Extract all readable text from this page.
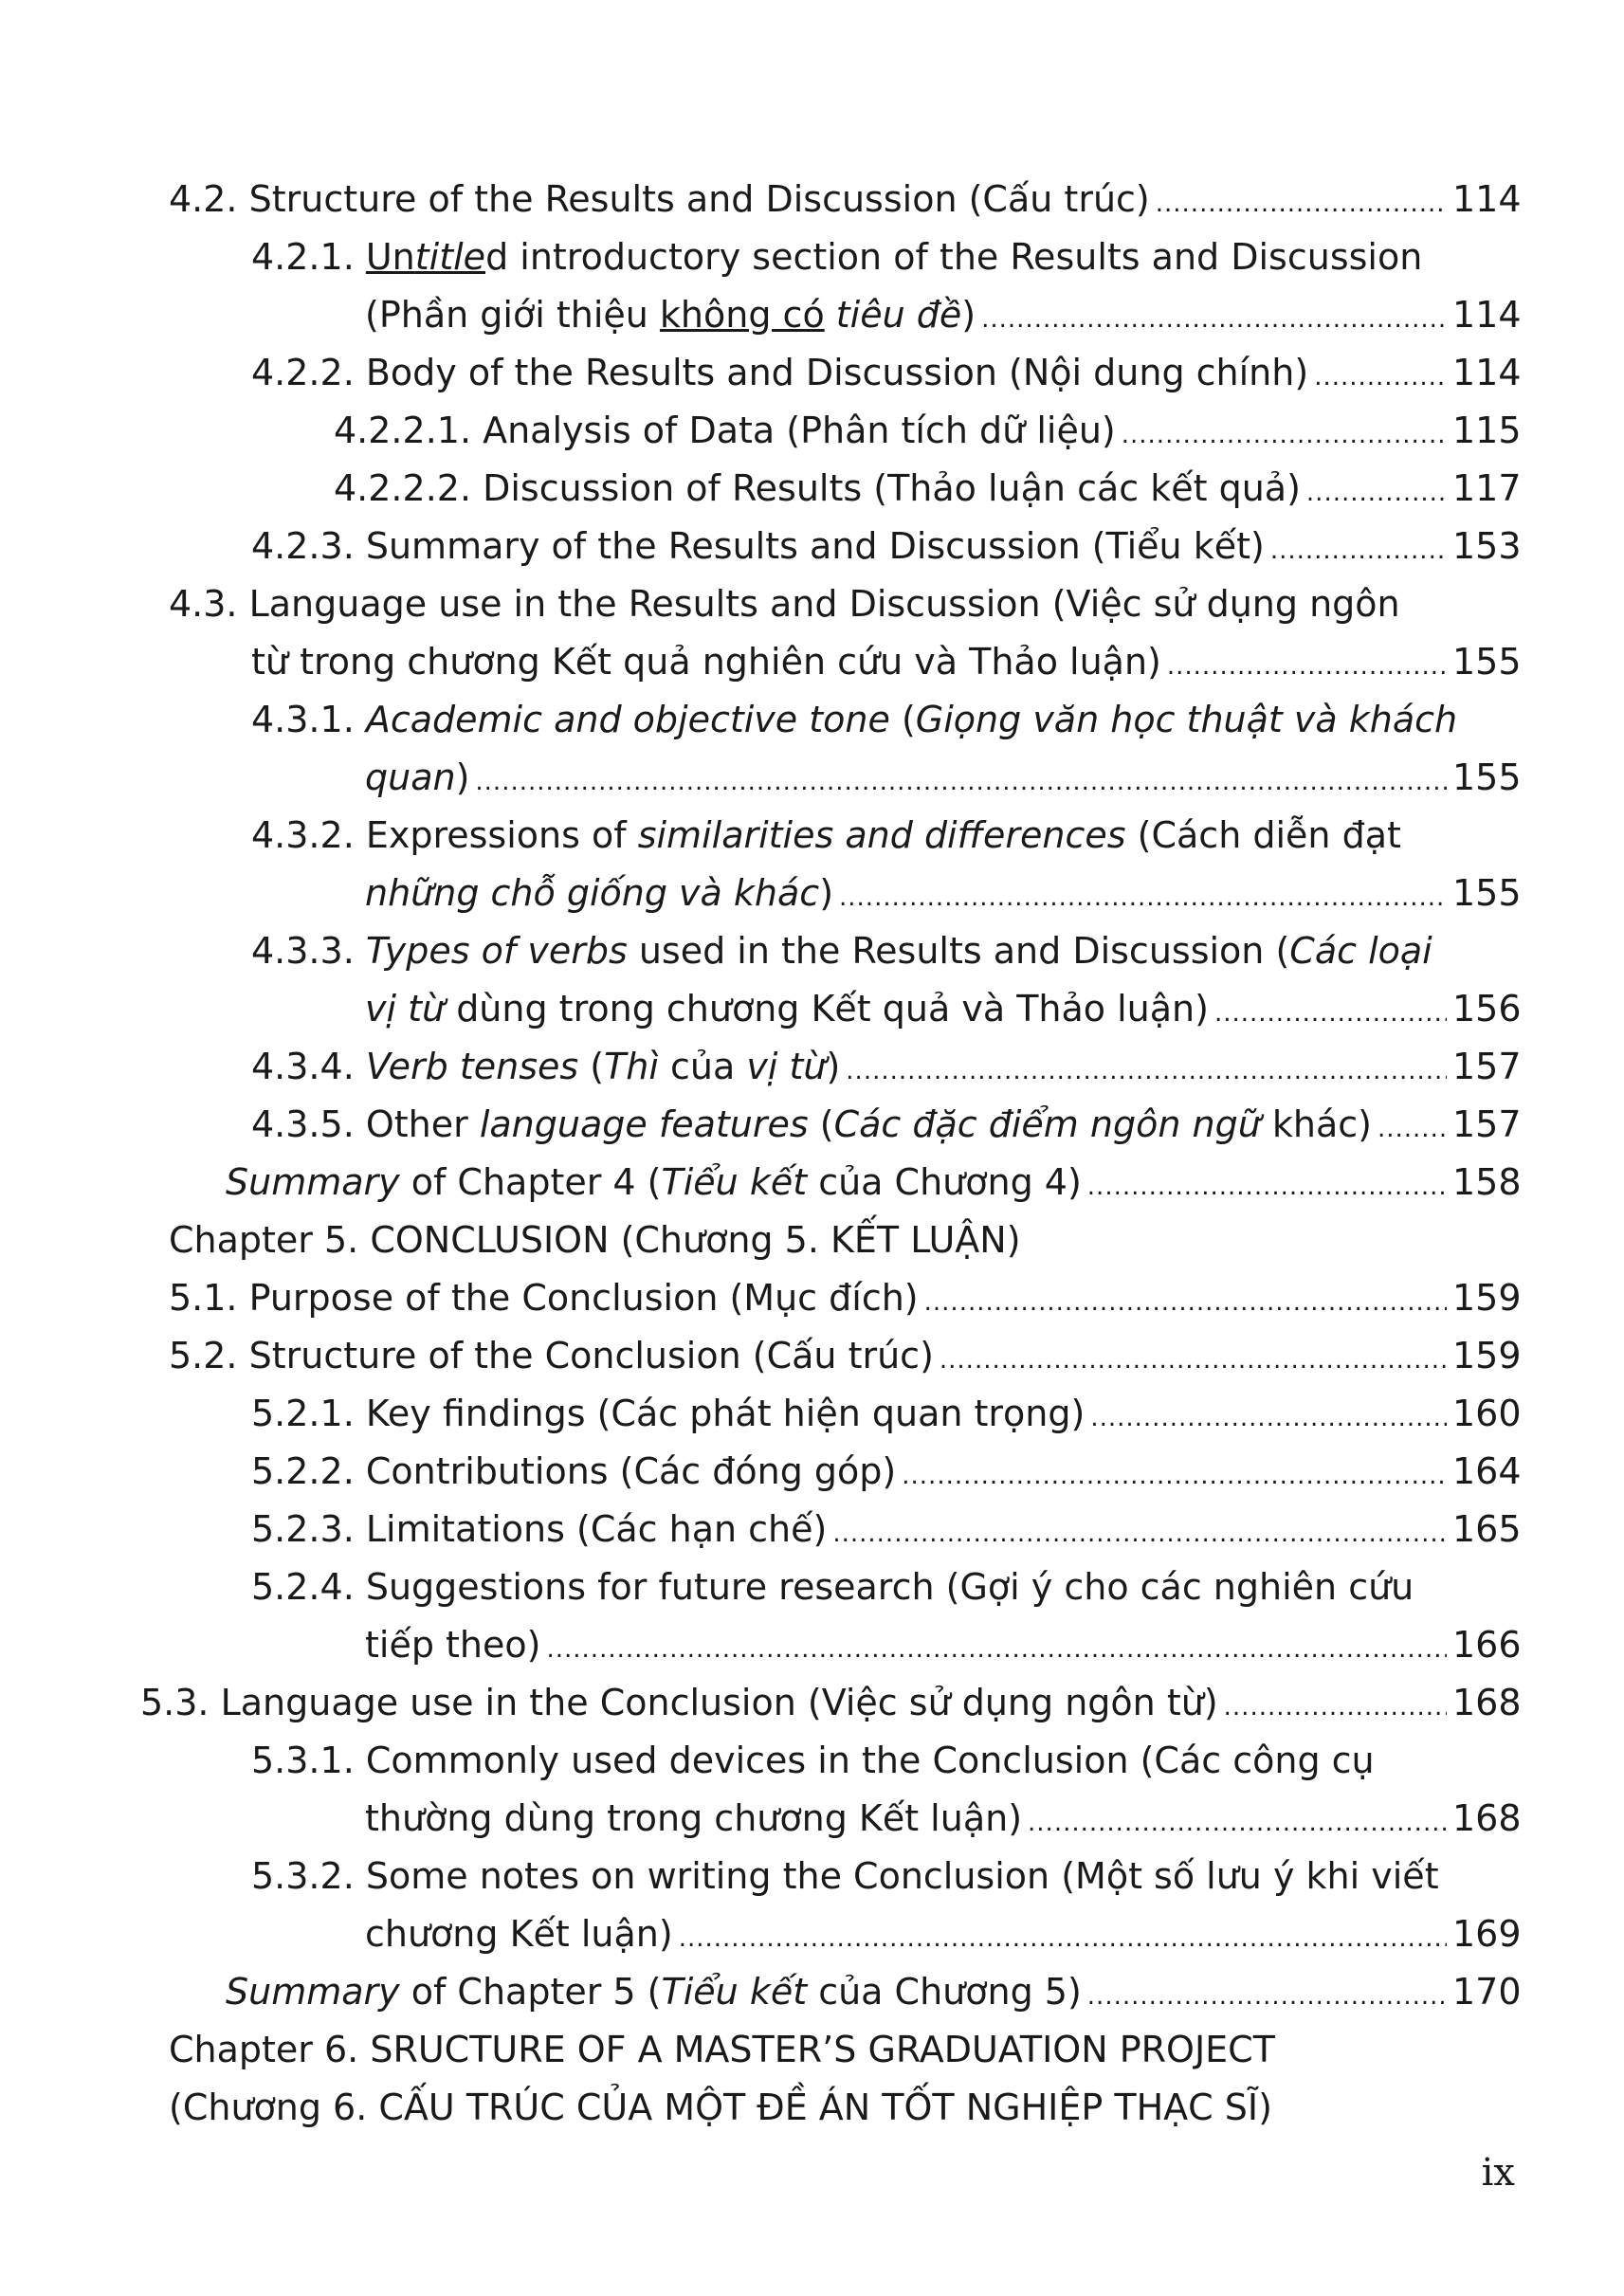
4.2. Structure of the Results and Discussion (Cấu trúc) .....	114
4.2.1. Untitled introductory section of the Results and Discussion
(Phần giới thiệu không có tiêu đề) .....	114
4.2.2. Body of the Results and Discussion (Nội dung chính) .....	114
4.2.2.1. Analysis of Data (Phân tích dữ liệu) .....	115
4.2.2.2. Discussion of Results (Thảo luận các kết quả) .....	117
4.2.3. Summary of the Results and Discussion (Tiểu kết) .....	153
4.3. Language use in the Results and Discussion (Việc sử dụng ngôn
từ trong chương Kết quả nghiên cứu và Thảo luận) .....	155
4.3.1. Academic and objective tone (Giọng văn học thuật và khách
quan) .....	155
4.3.2. Expressions of similarities and differences (Cách diễn đạt
những chỗ giống và khác) .....	155
4.3.3. Types of verbs used in the Results and Discussion (Các loại
vị từ dùng trong chương Kết quả và Thảo luận) .....	156
4.3.4. Verb tenses (Thì của vị từ) .....	157
4.3.5. Other language features (Các đặc điểm ngôn ngữ khác) ..... 157
Summary of Chapter 4 (Tiểu kết của Chương 4) .....	158
Chapter 5. CONCLUSION (Chương 5. KẾT LUẬN)
5.1. Purpose of the Conclusion (Mục đích) .....	159
5.2. Structure of the Conclusion (Cấu trúc) .....	159
5.2.1. Key findings (Các phát hiện quan trọng) .....	160
5.2.2. Contributions (Các đóng góp) .....	164
5.2.3. Limitations (Các hạn chế) .....	165
5.2.4. Suggestions for future research (Gợi ý cho các nghiên cứu
tiếp theo) .....	166
5.3. Language use in the Conclusion (Việc sử dụng ngôn từ) .....	168
5.3.1. Commonly used devices in the Conclusion (Các công cụ
thường dùng trong chương Kết luận) .....	168
5.3.2. Some notes on writing the Conclusion (Một số lưu ý khi viết
chương Kết luận) .....	169
Summary of Chapter 5 (Tiểu kết của Chương 5) .....	170
Chapter 6. SRUCTURE OF A MASTER’S GRADUATION PROJECT
(Chương 6. CẤU TRÚC CỦA MỘT ĐỀ ÁN TỐT NGHIỆP THẠC SĨ)
ix
